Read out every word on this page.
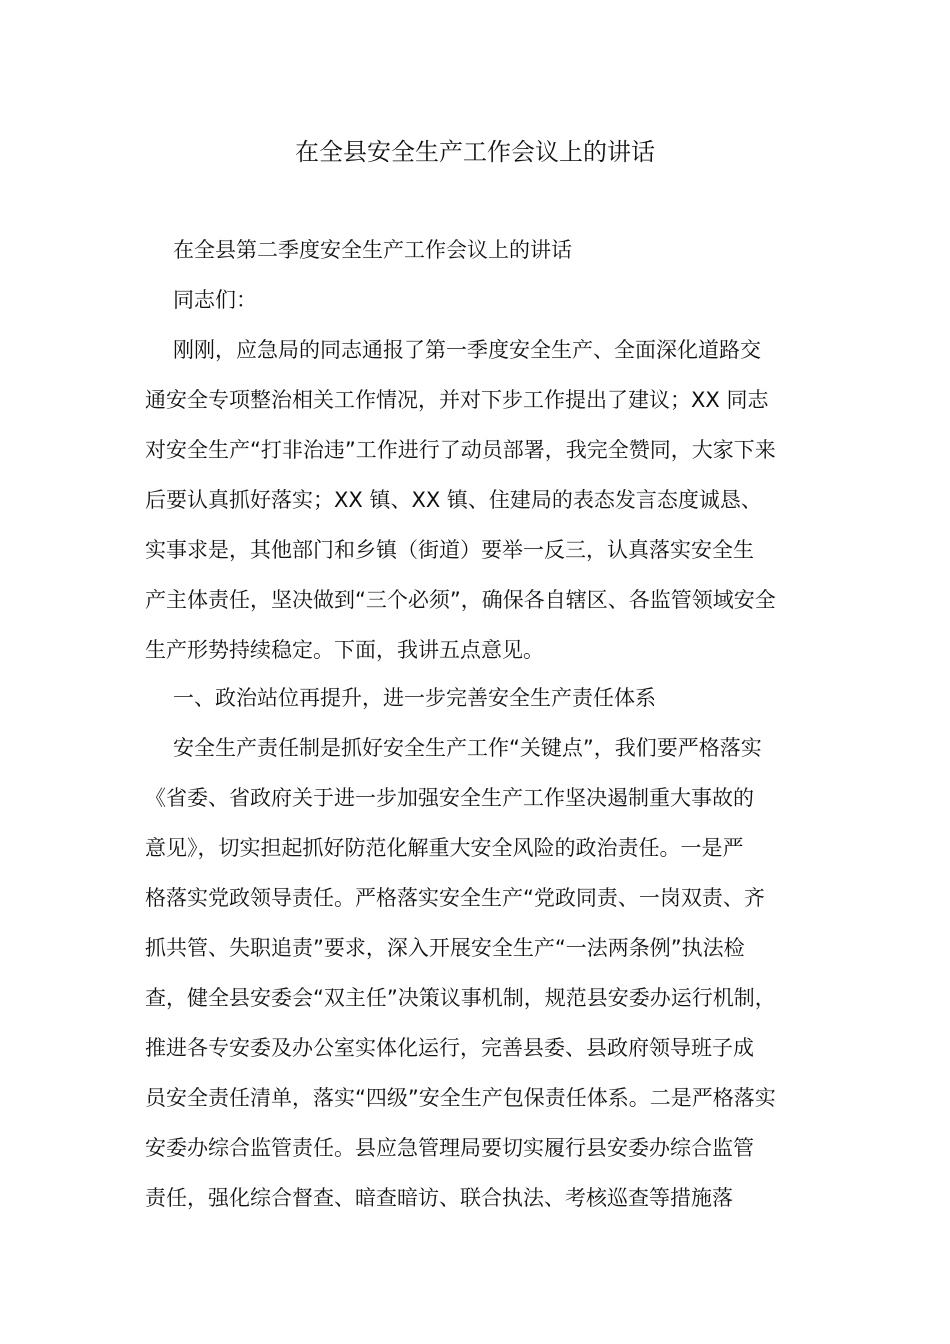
在全县安全生产工作会议上的讲话
在全县第二季度安全生产工作会议上的讲话
同志们：
刚刚，应急局的同志通报了第一季度安全生产、全面深化道路交
通安全专项整治相关工作情况，并对下步工作提出了建议；XX 同志
对安全生产“打非治违”工作进行了动员部署，我完全赞同，大家下来
后要认真抓好落实；XX 镇、XX 镇、住建局的表态发言态度诚恳、
实事求是，其他部门和乡镇（街道）要举一反三，认真落实安全生
产主体责任，坚决做到“三个必须”，确保各自辖区、各监管领域安全
生产形势持续稳定。下面，我讲五点意见。
一、政治站位再提升，进一步完善安全生产责任体系
安全生产责任制是抓好安全生产工作“关键点”，我们要严格落实
《省委、省政府关于进一步加强安全生产工作坚决遏制重大事故的
意见》，切实担起抓好防范化解重大安全风险的政治责任。一是严
格落实党政领导责任。严格落实安全生产“党政同责、一岗双责、齐
抓共管、失职追责”要求，深入开展安全生产“一法两条例”执法检
查，健全县安委会“双主任”决策议事机制，规范县安委办运行机制，
推进各专安委及办公室实体化运行，完善县委、县政府领导班子成
员安全责任清单，落实“四级”安全生产包保责任体系。二是严格落实
安委办综合监管责任。县应急管理局要切实履行县安委办综合监管
责任，强化综合督查、暗查暗访、联合执法、考核巡查等措施落
